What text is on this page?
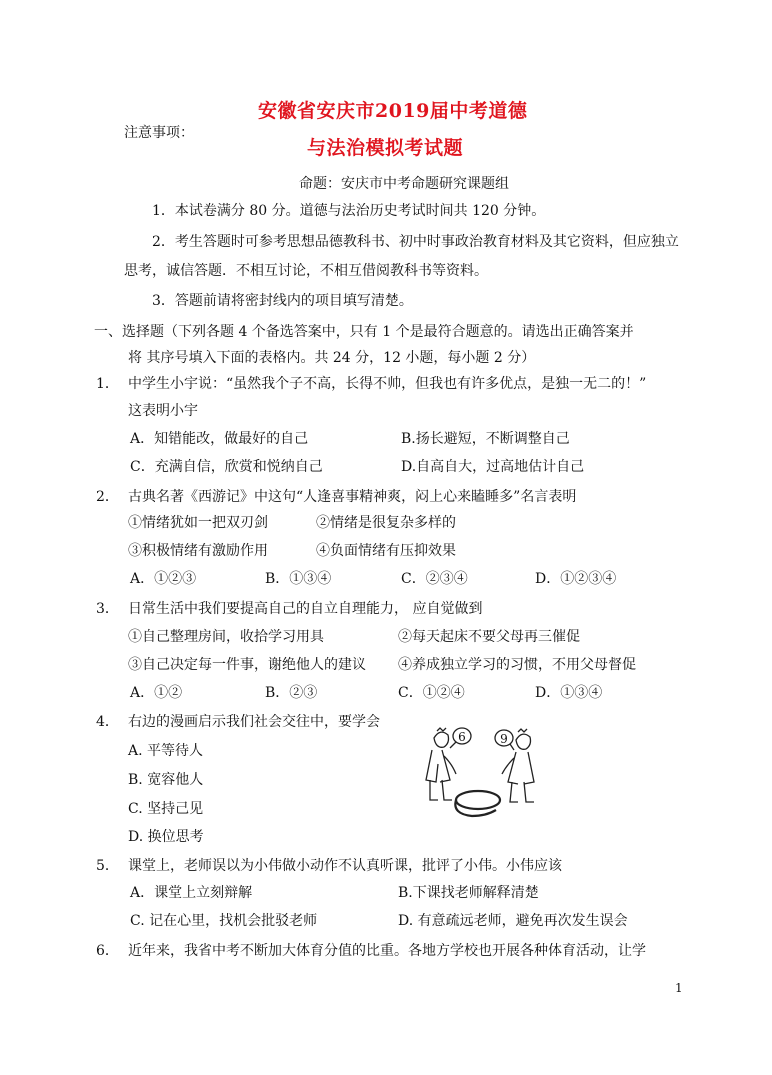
安徽省安庆市2019届中考道德
注意事项：
与法治模拟考试题
命题：安庆市中考命题研究课题组
1．本试卷满分 80 分。道德与法治历史考试时间共 120 分钟。
2．考生答题时可参考思想品德教科书、初中时事政治教育材料及其它资料，但应独立
思考，诚信答题．不相互讨论，不相互借阅教科书等资料。
3．答题前请将密封线内的项目填写清楚。
一、选择题（下列各题 4 个备选答案中，只有 1 个是最符合题意的。请选出正确答案并
将 其序号填入下面的表格内。共 24 分，12 小题，每小题 2 分）
1． 中学生小宇说：“虽然我个子不高，长得不帅，但我也有许多优点，是独一无二的！”
这表明小宇
A．知错能改，做最好的自己	B.扬长避短，不断调整自己
C．充满自信，欣赏和悦纳自己	D.自高自大，过高地估计自己
2． 古典名著《西游记》中这句“人逢喜事精神爽，闷上心来瞌睡多”名言表明
①情绪犹如一把双刃剑	②情绪是很复杂多样的
③积极情绪有激励作用	④负面情绪有压抑效果
A．①②③	B．①③④	C．②③④	D．①②③④
3． 日常生活中我们要提高自己的自立自理能力， 应自觉做到
①自己整理房间，收拾学习用具	②每天起床不要父母再三催促
③自己决定每一件事，谢绝他人的建议 ④养成独立学习的习惯，不用父母督促
A．①②	B．②③	C．①②④	D．①③④
4． 右边的漫画启示我们社会交往中，要学会
A. 平等待人
B. 宽容他人
C. 坚持己见
D. 换位思考
6	9
5． 课堂上，老师误以为小伟做小动作不认真听课，批评了小伟。小伟应该
A．课堂上立刻辩解	B.下课找老师解释清楚
C. 记在心里，找机会批驳老师	D. 有意疏远老师，避免再次发生误会
6． 近年来，我省中考不断加大体育分值的比重。各地方学校也开展各种体育活动，让学
1
